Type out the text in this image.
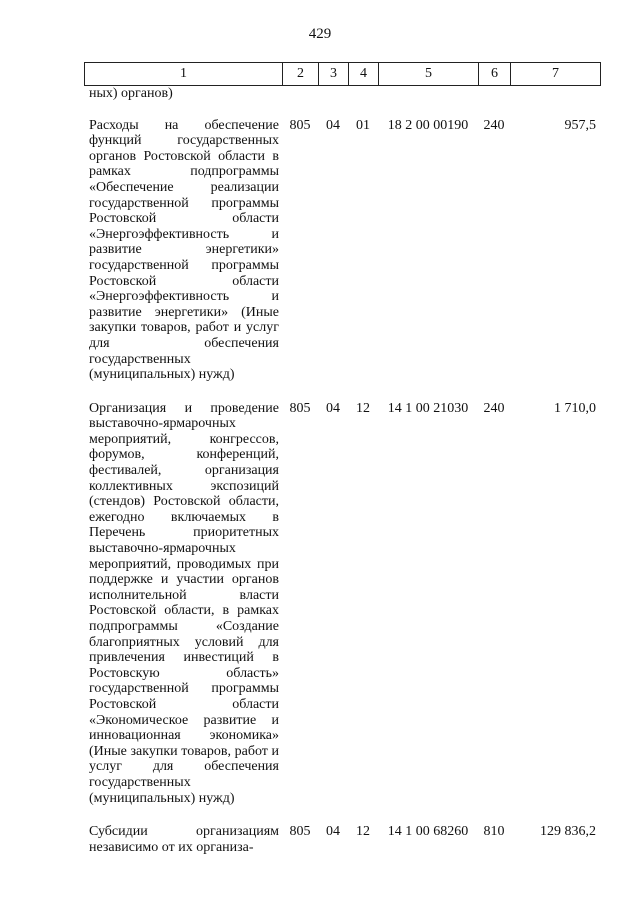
429
1	2	3	4	5	6	7
ных) органов)						
Расходы на обеспечение функций государственных органов Ростовской области в рамках подпрограммы «Обеспечение реализации государственной программы Ростовской области «Энергоэффективность и развитие энергетики» государственной программы Ростовской области «Энергоэффективность и развитие энергетики» (Иные закупки товаров, работ и услуг для обеспечения государственных (муниципальных) нужд)	805	04	01	18 2 00 00190	240	957,5
Организация и проведение выставочно-ярмарочных мероприятий, конгрессов, форумов, конференций, фестивалей, организация коллективных экспозиций (стендов) Ростовской области, ежегодно включаемых в Перечень приоритетных выставочно-ярмарочных мероприятий, проводимых при поддержке и участии органов исполнительной власти Ростовской области, в рамках подпрограммы «Создание благоприятных условий для привлечения инвестиций в Ростовскую область» государственной программы Ростовской области «Экономическое развитие и инновационная экономика» (Иные закупки товаров, работ и услуг для обеспечения государственных (муниципальных) нужд)	805	04	12	14 1 00 21030	240	1 710,0
Субсидии организациям независимо от их организа-	805	04	12	14 1 00 68260	810	129 836,2
